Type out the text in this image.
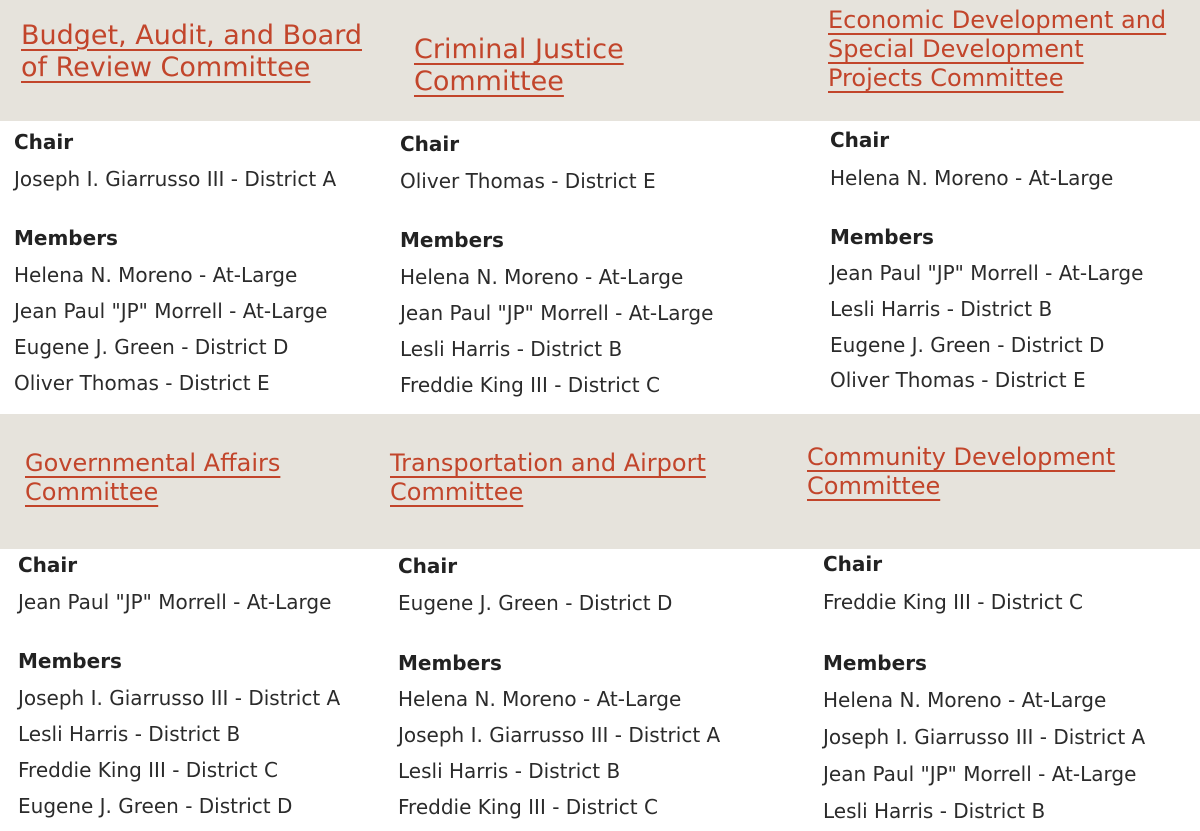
Budget, Audit, and Board of Review Committee
Chair
Joseph I. Giarrusso III - District A
Members
Helena N. Moreno - At-Large
Jean Paul "JP" Morrell - At-Large
Eugene J. Green - District D
Oliver Thomas - District E
Criminal Justice Committee
Chair
Oliver Thomas - District E
Members
Helena N. Moreno - At-Large
Jean Paul "JP" Morrell - At-Large
Lesli Harris - District B
Freddie King III - District C
Economic Development and Special Development Projects Committee
Chair
Helena N. Moreno - At-Large
Members
Jean Paul "JP" Morrell - At-Large
Lesli Harris - District B
Eugene J. Green - District D
Oliver Thomas - District E
Governmental Affairs Committee
Chair
Jean Paul "JP" Morrell - At-Large
Members
Joseph I. Giarrusso III - District A
Lesli Harris - District B
Freddie King III - District C
Eugene J. Green - District D
Transportation and Airport Committee
Chair
Eugene J. Green - District D
Members
Helena N. Moreno - At-Large
Joseph I. Giarrusso III - District A
Lesli Harris - District B
Freddie King III - District C
Community Development Committee
Chair
Freddie King III - District C
Members
Helena N. Moreno - At-Large
Joseph I. Giarrusso III - District A
Jean Paul "JP" Morrell - At-Large
Lesli Harris - District B
